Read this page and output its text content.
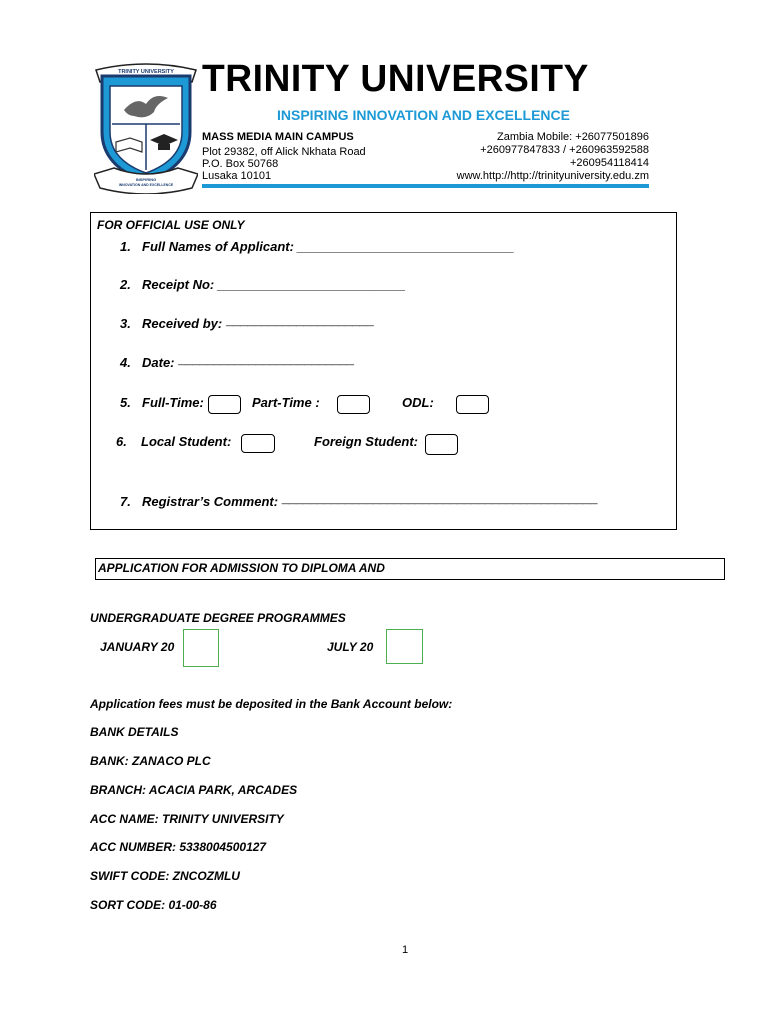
TRINITY UNIVERSITY
INSPIRING
INNOVATION AND EXCELLENCE
TRINITY UNIVERSITY
INSPIRING INNOVATION AND EXCELLENCE
MASS MEDIA MAIN CAMPUS
Plot 29382, off Alick Nkhata Road
P.O. Box 50768
Lusaka 10101
Zambia Mobile: +26077501896
+260977847833 / +260963592588
+260954118414
www.http://http://trinityuniversity.edu.zm
FOR OFFICIAL USE ONLY
1. Full Names of Applicant: ______________________________
2. Receipt No: __________________________
3. Received by: —————————————————————
4. Date: —————————————————————————
5. Full-Time:	Part-Time :	ODL:
6. Local Student:	Foreign Student:
7. Registrar’s Comment: —————————————————————————————————————————————
APPLICATION FOR ADMISSION TO DIPLOMA AND
UNDERGRADUATE DEGREE PROGRAMMES
JANUARY 20	JULY 20
Application fees must be deposited in the Bank Account below:
BANK DETAILS
BANK: ZANACO PLC
BRANCH: ACACIA PARK, ARCADES
ACC NAME: TRINITY UNIVERSITY
ACC NUMBER: 5338004500127
SWIFT CODE: ZNCOZMLU
SORT CODE: 01-00-86
1
